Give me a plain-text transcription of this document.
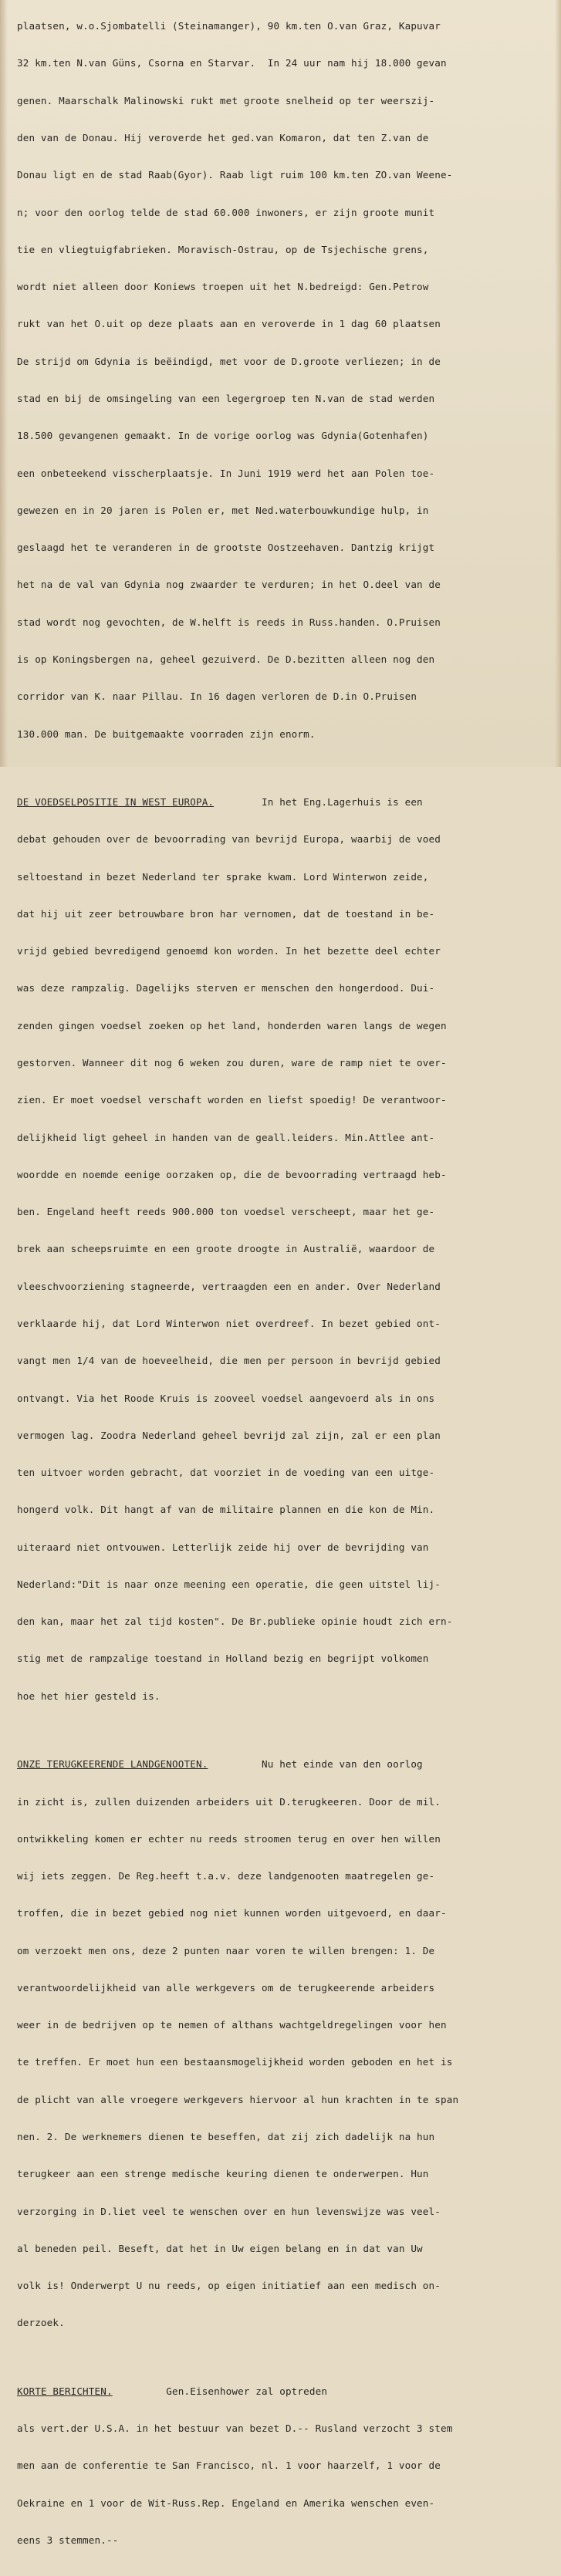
plaatsen, w.o.Sjombatelli (Steinamanger), 90 km.ten O.van Graz, Kapuvar

32 km.ten N.van Güns, Csorna en Starvar.  In 24 uur nam hij 18.000 gevan

genen. Maarschalk Malinowski rukt met groote snelheid op ter weerszij-

den van de Donau. Hij veroverde het ged.van Komaron, dat ten Z.van de

Donau ligt en de stad Raab(Gyor). Raab ligt ruim 100 km.ten ZO.van Weene-

n; voor den oorlog telde de stad 60.000 inwoners, er zijn groote munit

tie en vliegtuigfabrieken. Moravisch-Ostrau, op de Tsjechische grens,

wordt niet alleen door Koniews troepen uit het N.bedreigd: Gen.Petrow

rukt van het O.uit op deze plaats aan en veroverde in 1 dag 60 plaatsen

De strijd om Gdynia is beëindigd, met voor de D.groote verliezen; in de

stad en bij de omsingeling van een legergroep ten N.van de stad werden

18.500 gevangenen gemaakt. In de vorige oorlog was Gdynia(Gotenhafen)

een onbeteekend visscherplaatsje. In Juni 1919 werd het aan Polen toe-

gewezen en in 20 jaren is Polen er, met Ned.waterbouwkundige hulp, in

geslaagd het te veranderen in de grootste Oostzeehaven. Dantzig krijgt

het na de val van Gdynia nog zwaarder te verduren; in het O.deel van de

stad wordt nog gevochten, de W.helft is reeds in Russ.handen. O.Pruisen

is op Koningsbergen na, geheel gezuiverd. De D.bezitten alleen nog den

corridor van K. naar Pillau. In 16 dagen verloren de D.in O.Pruisen

130.000 man. De buitgemaakte voorraden zijn enorm.

DE VOEDSELPOSITIE IN WEST EUROPA.        In het Eng.Lagerhuis is een

debat gehouden over de bevoorrading van bevrijd Europa, waarbij de voed

seltoestand in bezet Nederland ter sprake kwam. Lord Winterwon zeide,

dat hij uit zeer betrouwbare bron har vernomen, dat de toestand in be-

vrijd gebied bevredigend genoemd kon worden. In het bezette deel echter

was deze rampzalig. Dagelijks sterven er menschen den hongerdood. Dui-

zenden gingen voedsel zoeken op het land, honderden waren langs de wegen

gestorven. Wanneer dit nog 6 weken zou duren, ware de ramp niet te over-

zien. Er moet voedsel verschaft worden en liefst spoedig! De verantwoor-

delijkheid ligt geheel in handen van de geall.leiders. Min.Attlee ant-

woordde en noemde eenige oorzaken op, die de bevoorrading vertraagd heb-

ben. Engeland heeft reeds 900.000 ton voedsel verscheept, maar het ge-

brek aan scheepsruimte en een groote droogte in Australië, waardoor de

vleeschvoorziening stagneerde, vertraagden een en ander. Over Nederland

verklaarde hij, dat Lord Winterwon niet overdreef. In bezet gebied ont-

vangt men 1/4 van de hoeveelheid, die men per persoon in bevrijd gebied

ontvangt. Via het Roode Kruis is zooveel voedsel aangevoerd als in ons

vermogen lag. Zoodra Nederland geheel bevrijd zal zijn, zal er een plan

ten uitvoer worden gebracht, dat voorziet in de voeding van een uitge-

hongerd volk. Dit hangt af van de militaire plannen en die kon de Min.

uiteraard niet ontvouwen. Letterlijk zeide hij over de bevrijding van

Nederland:"Dit is naar onze meening een operatie, die geen uitstel lij-

den kan, maar het zal tijd kosten". De Br.publieke opinie houdt zich ern-

stig met de rampzalige toestand in Holland bezig en begrijpt volkomen

hoe het hier gesteld is.

ONZE TERUGKEERENDE LANDGENOOTEN.         Nu het einde van den oorlog

in zicht is, zullen duizenden arbeiders uit D.terugkeeren. Door de mil.

ontwikkeling komen er echter nu reeds stroomen terug en over hen willen

wij iets zeggen. De Reg.heeft t.a.v. deze landgenooten maatregelen ge-

troffen, die in bezet gebied nog niet kunnen worden uitgevoerd, en daar-

om verzoekt men ons, deze 2 punten naar voren te willen brengen: 1. De

verantwoordelijkheid van alle werkgevers om de terugkeerende arbeiders

weer in de bedrijven op te nemen of althans wachtgeldregelingen voor hen

te treffen. Er moet hun een bestaansmogelijkheid worden geboden en het is

de plicht van alle vroegere werkgevers hiervoor al hun krachten in te span

nen. 2. De werknemers dienen te beseffen, dat zij zich dadelijk na hun

terugkeer aan een strenge medische keuring dienen te onderwerpen. Hun

verzorging in D.liet veel te wenschen over en hun levenswijze was veel-

al beneden peil. Beseft, dat het in Uw eigen belang en in dat van Uw

volk is! Onderwerpt U nu reeds, op eigen initiatief aan een medisch on-

derzoek.

KORTE BERICHTEN.         Gen.Eisenhower zal optreden

als vert.der U.S.A. in het bestuur van bezet D.-- Rusland verzocht 3 stem

men aan de conferentie te San Francisco, nl. 1 voor haarzelf, 1 voor de

Oekraine en 1 voor de Wit-Russ.Rep. Engeland en Amerika wenschen even-

eens 3 stemmen.--
